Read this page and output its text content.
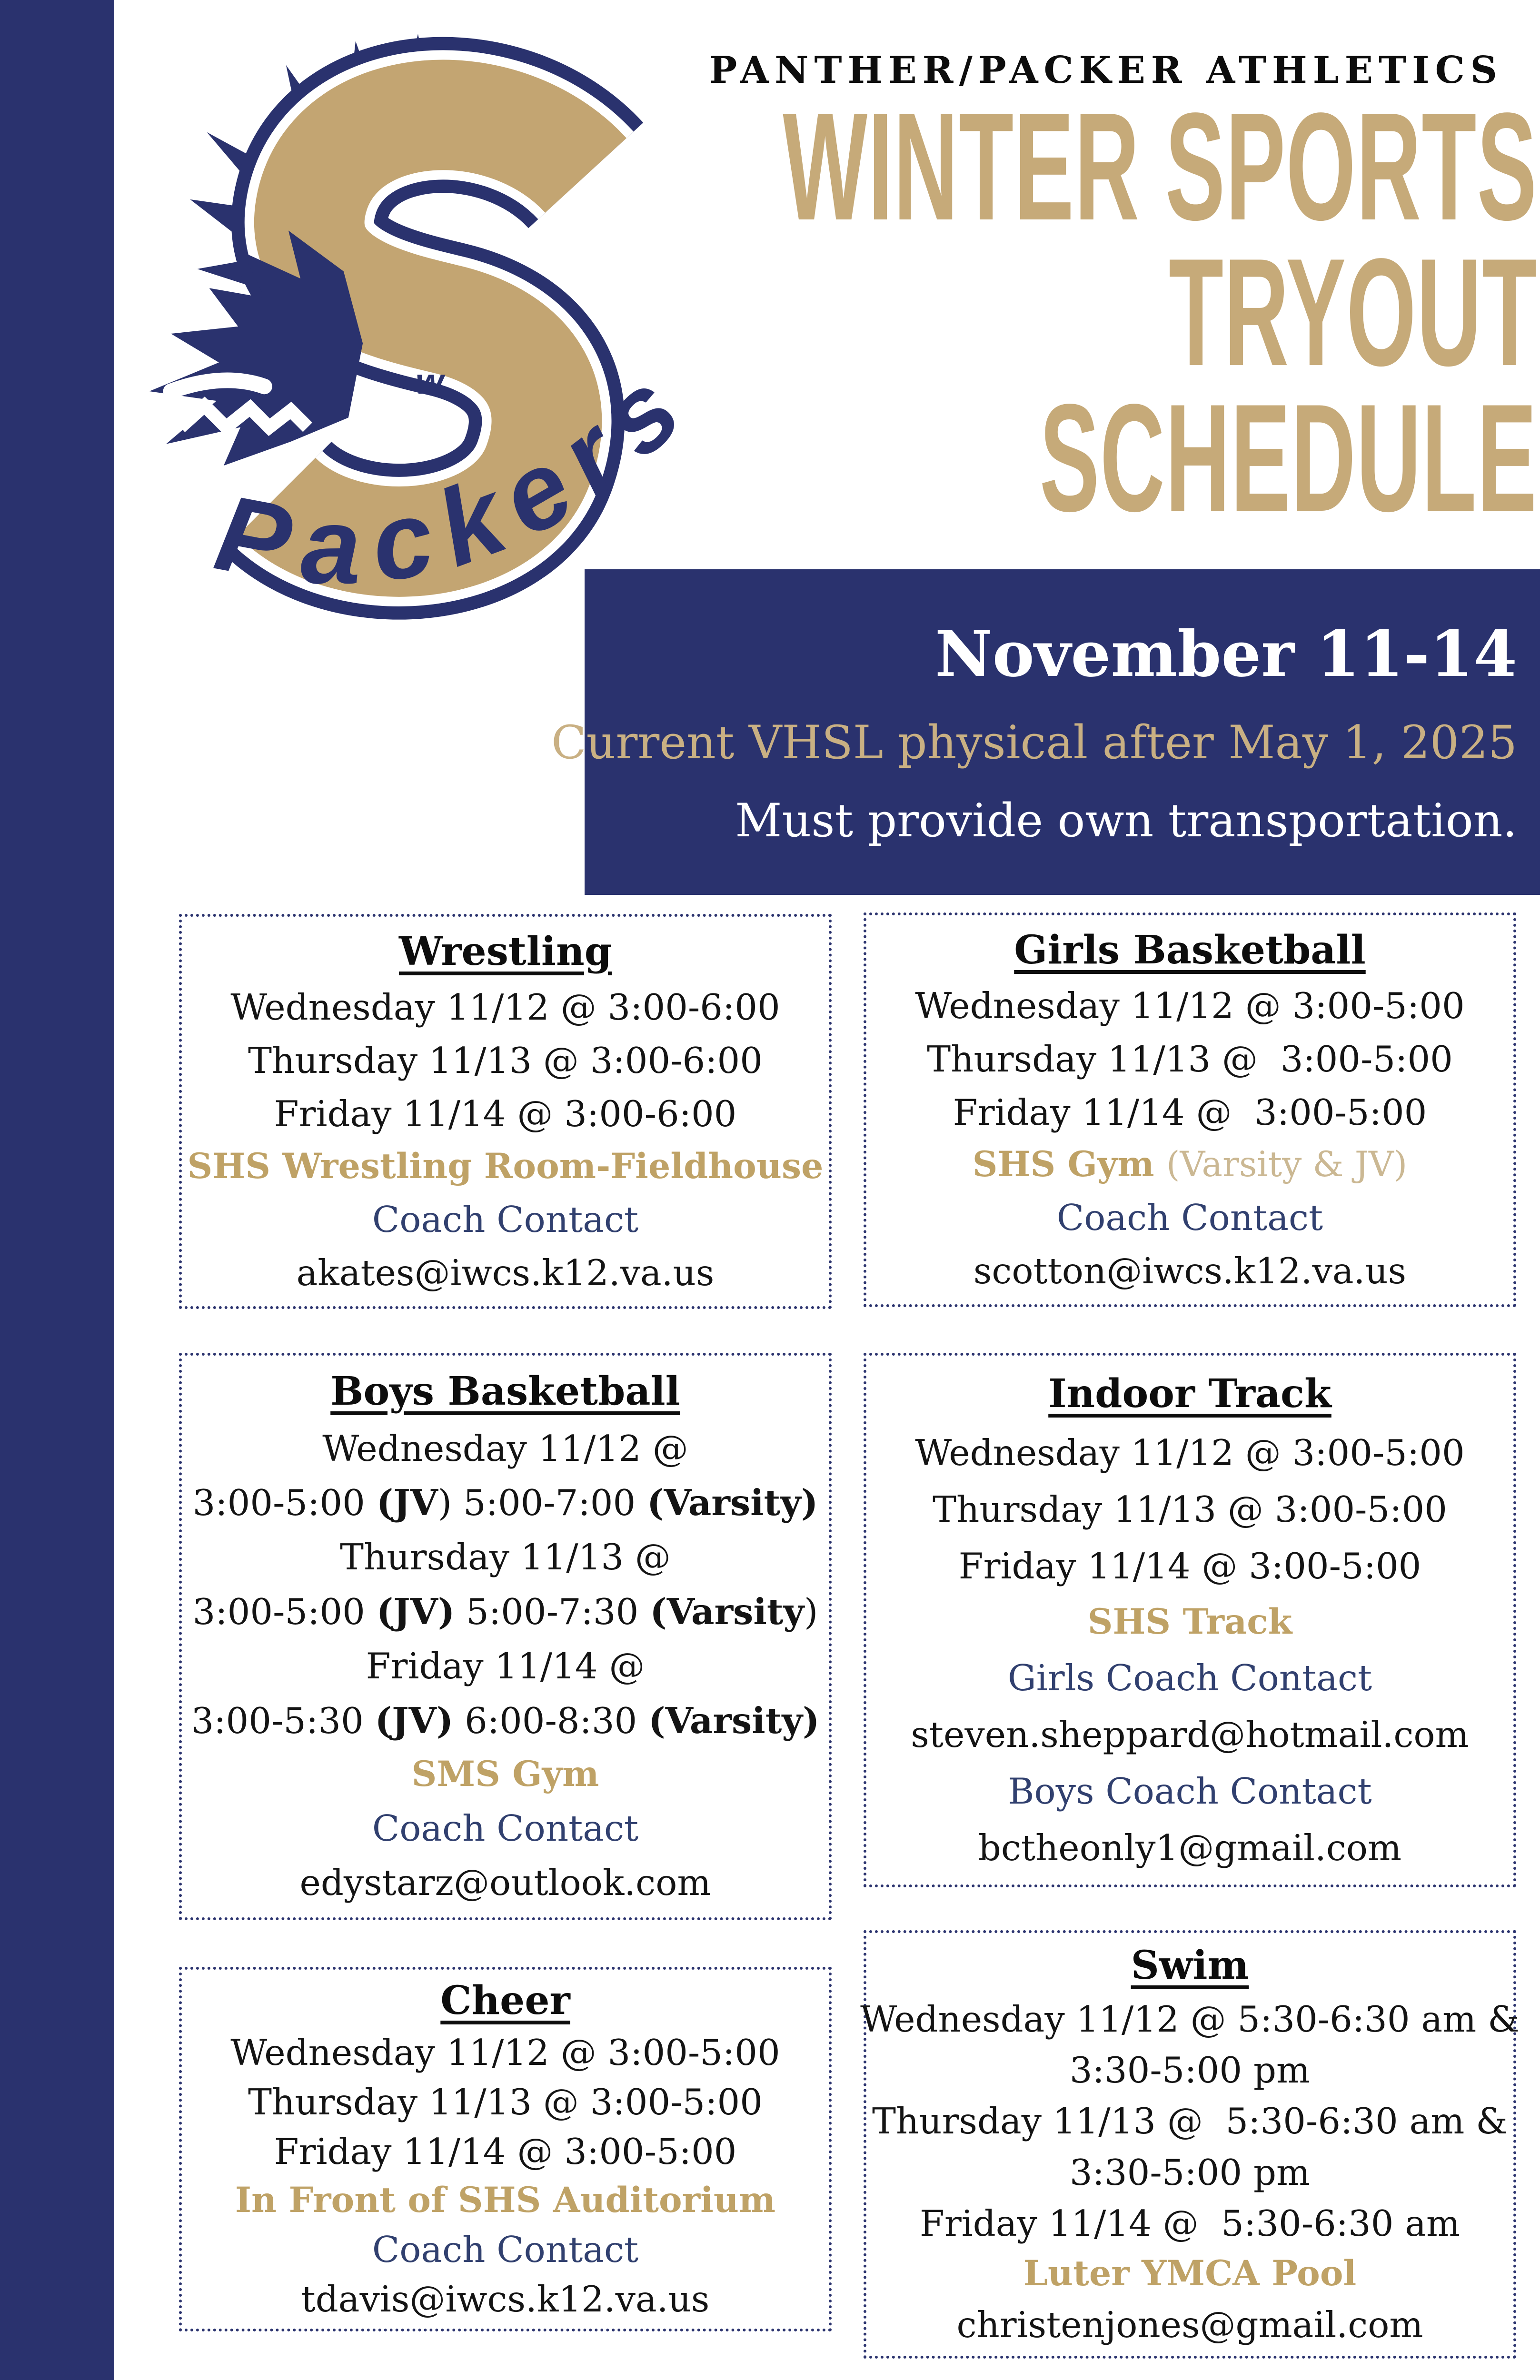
w.
Packers
PANTHER/PACKER ATHLETICS
WINTER SPORTS
TRYOUT
SCHEDULE
November 11-14
Current VHSL physical after May 1, 2025
Must provide own transportation.
Wrestling
Wednesday 11/12 @ 3:00-6:00
Thursday 11/13 @ 3:00-6:00
Friday 11/14 @ 3:00-6:00
SHS Wrestling Room-Fieldhouse
Coach Contact
akates@iwcs.k12.va.us
Boys Basketball
Wednesday 11/12 @
3:00-5:00 (JV) 5:00-7:00 (Varsity)
Thursday 11/13 @
3:00-5:00 (JV) 5:00-7:30 (Varsity)
Friday 11/14 @
3:00-5:30 (JV) 6:00-8:30 (Varsity)
SMS Gym
Coach Contact
edystarz@outlook.com
Cheer
Wednesday 11/12 @ 3:00-5:00
Thursday 11/13 @ 3:00-5:00
Friday 11/14 @ 3:00-5:00
In Front of SHS Auditorium
Coach Contact
tdavis@iwcs.k12.va.us
Girls Basketball
Wednesday 11/12 @ 3:00-5:00
Thursday 11/13 @  3:00-5:00
Friday 11/14 @  3:00-5:00
SHS Gym (Varsity & JV)
Coach Contact
scotton@iwcs.k12.va.us
Indoor Track
Wednesday 11/12 @ 3:00-5:00
Thursday 11/13 @ 3:00-5:00
Friday 11/14 @ 3:00-5:00
SHS Track
Girls Coach Contact
steven.sheppard@hotmail.com
Boys Coach Contact
bctheonly1@gmail.com
Swim
Wednesday 11/12 @ 5:30-6:30 am &
3:30-5:00 pm
Thursday 11/13 @  5:30-6:30 am &
3:30-5:00 pm
Friday 11/14 @  5:30-6:30 am
Luter YMCA Pool
christenjones@gmail.com
